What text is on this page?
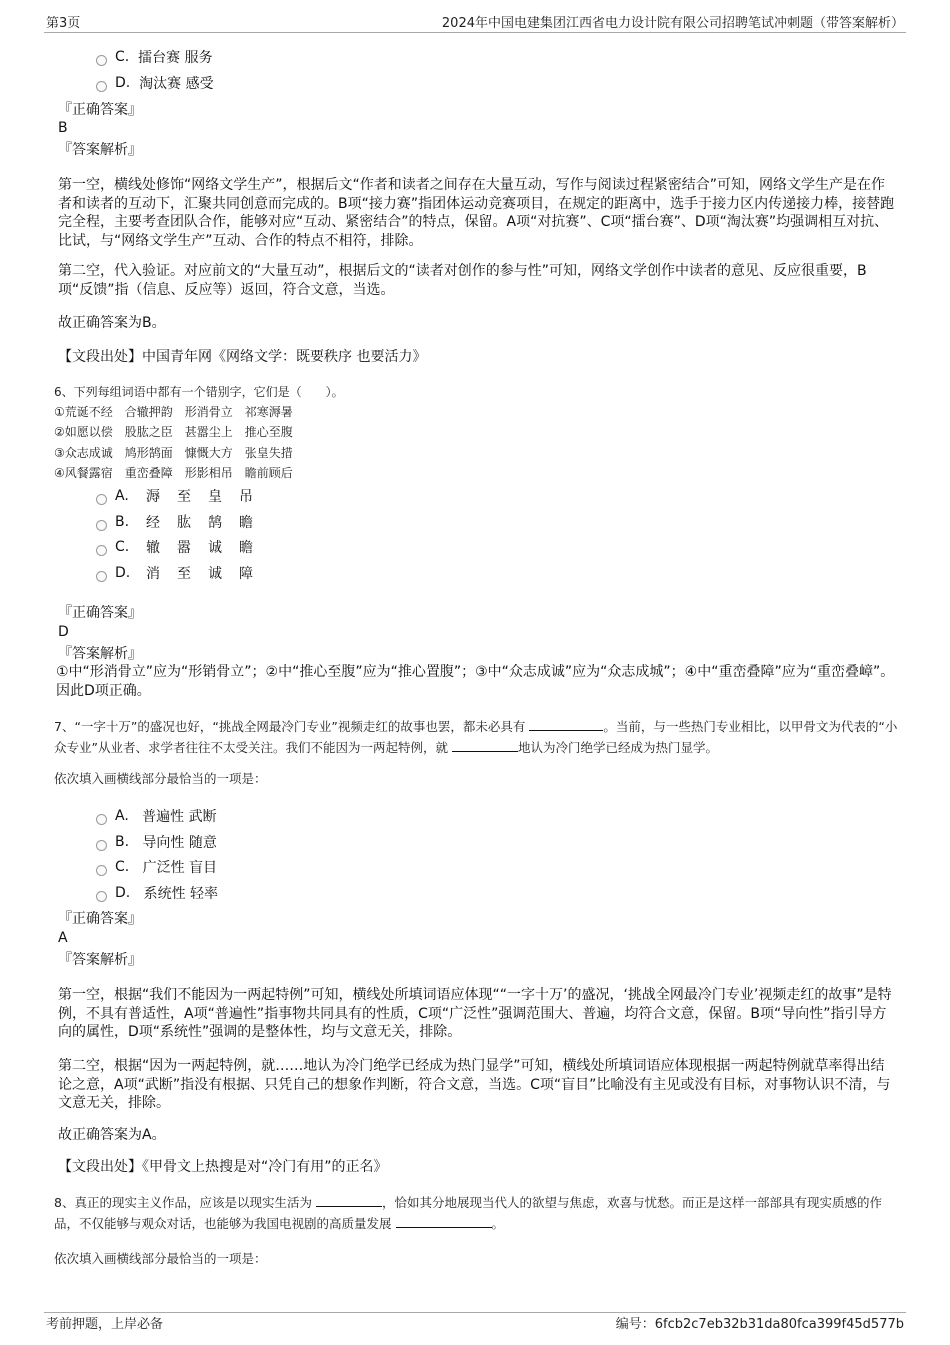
第3页	2024年中国电建集团江西省电力设计院有限公司招聘笔试冲刺题（带答案解析）
C.
擂台赛 服务
D.
淘汰赛 感受
『正确答案』
B
『答案解析』
第一空，横线处修饰“网络文学生产”，根据后文“作者和读者之间存在大量互动，写作与阅读过程紧密结合”可知，网络文学生产是在作者和读者的互动下，汇聚共同创意而完成的。B项“接力赛”指团体运动竞赛项目，在规定的距离中，选手于接力区内传递接力棒，接替跑完全程，主要考查团队合作，能够对应“互动、紧密结合”的特点，保留。A项“对抗赛”、C项“擂台赛”、D项“淘汰赛”均强调相互对抗、比试，与“网络文学生产”互动、合作的特点不相符，排除。
第二空，代入验证。对应前文的“大量互动”，根据后文的“读者对创作的参与性”可知，网络文学创作中读者的意见、反应很重要，B项“反馈”指（信息、反应等）返回，符合文意，当选。
故正确答案为B。
【文段出处】中国青年网《网络文学：既要秩序 也要活力》
6、下列每组词语中都有一个错别字，它们是（　　）。
①荒诞不经　合辙押韵　形消骨立　祁寒溽暑
②如愿以偿　股肱之臣　甚嚣尘上　推心至腹
③众志成诚　鸠形鹄面　慷慨大方　张皇失措
④风餐露宿　重峦叠障　形影相吊　瞻前顾后
A.	溽	至	皇	吊
B.	经	肱	鹄	瞻
C.	辙	嚣	诚	瞻
D.	消	至	诚	障
『正确答案』
D
『答案解析』
①中“形消骨立”应为“形销骨立”；②中“推心至腹”应为“推心置腹”；③中“众志成诚”应为“众志成城”；④中“重峦叠障”应为“重峦叠嶂”。因此D项正确。
7、“一字十万”的盛况也好，“挑战全网最冷门专业”视频走红的故事也罢，都未必具有	。当前，与一些热门专业相比，以甲骨文为代表的“小众专业”从业者、求学者往往不太受关注。我们不能因为一两起特例，就	地认为冷门绝学已经成为热门显学。
依次填入画横线部分最恰当的一项是：
A.
普遍性 武断
B.
导向性 随意
C.
广泛性 盲目
D.
系统性 轻率
『正确答案』
A
『答案解析』
第一空，根据“我们不能因为一两起特例”可知，横线处所填词语应体现““一字十万’的盛况，‘挑战全网最冷门专业’视频走红的故事”是特例，不具有普适性，A项“普遍性”指事物共同具有的性质，C项“广泛性”强调范围大、普遍，均符合文意，保留。B项“导向性”指引导方向的属性，D项“系统性”强调的是整体性，均与文意无关，排除。
第二空，根据“因为一两起特例，就……地认为冷门绝学已经成为热门显学”可知，横线处所填词语应体现根据一两起特例就草率得出结论之意，A项“武断”指没有根据、只凭自己的想象作判断，符合文意，当选。C项“盲目”比喻没有主见或没有目标，对事物认识不清，与文意无关，排除。
故正确答案为A。
【文段出处】《甲骨文上热搜是对“冷门有用”的正名》
8、真正的现实主义作品，应该是以现实生活为	，恰如其分地展现当代人的欲望与焦虑，欢喜与忧愁。而正是这样一部部具有现实质感的作品，不仅能够与观众对话，也能够为我国电视剧的高质量发展	。
依次填入画横线部分最恰当的一项是：
考前押题，上岸必备	编号：6fcb2c7eb32b31da80fca399f45d577b
